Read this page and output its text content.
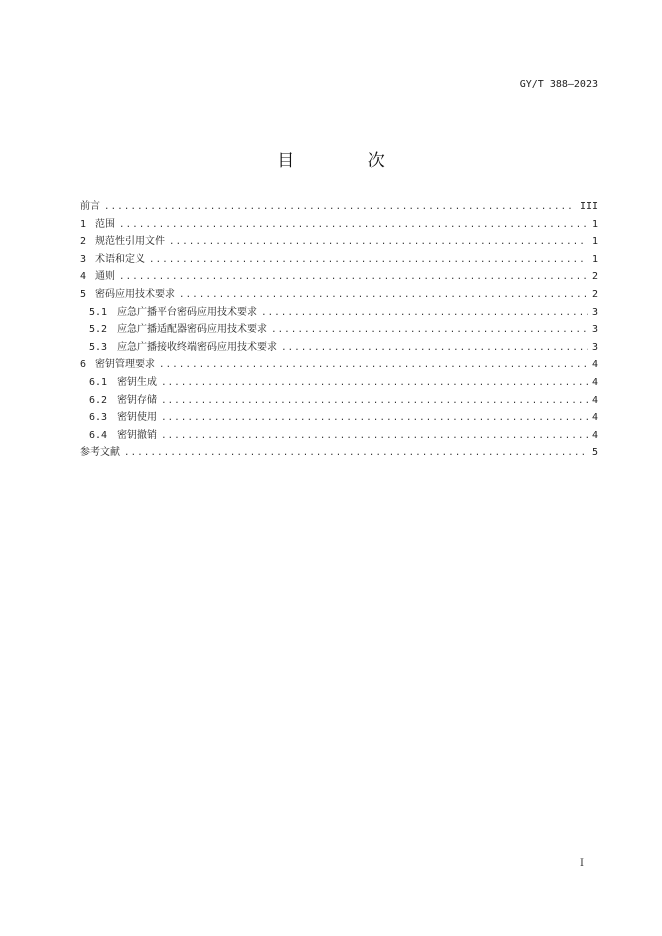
GY/T 388—2023
目 次
前言 .....	III
1 范围 .....	1
2 规范性引用文件 .....	1
3 术语和定义 .....	1
4 通则 .....	2
5 密码应用技术要求 .....	2
5.1 应急广播平台密码应用技术要求 .....	3
5.2 应急广播适配器密码应用技术要求 .....	3
5.3 应急广播接收终端密码应用技术要求 .....	3
6 密钥管理要求 .....	4
6.1 密钥生成 .....	4
6.2 密钥存储 .....	4
6.3 密钥使用 .....	4
6.4 密钥撤销 .....	4
参考文献 .....	5
I
